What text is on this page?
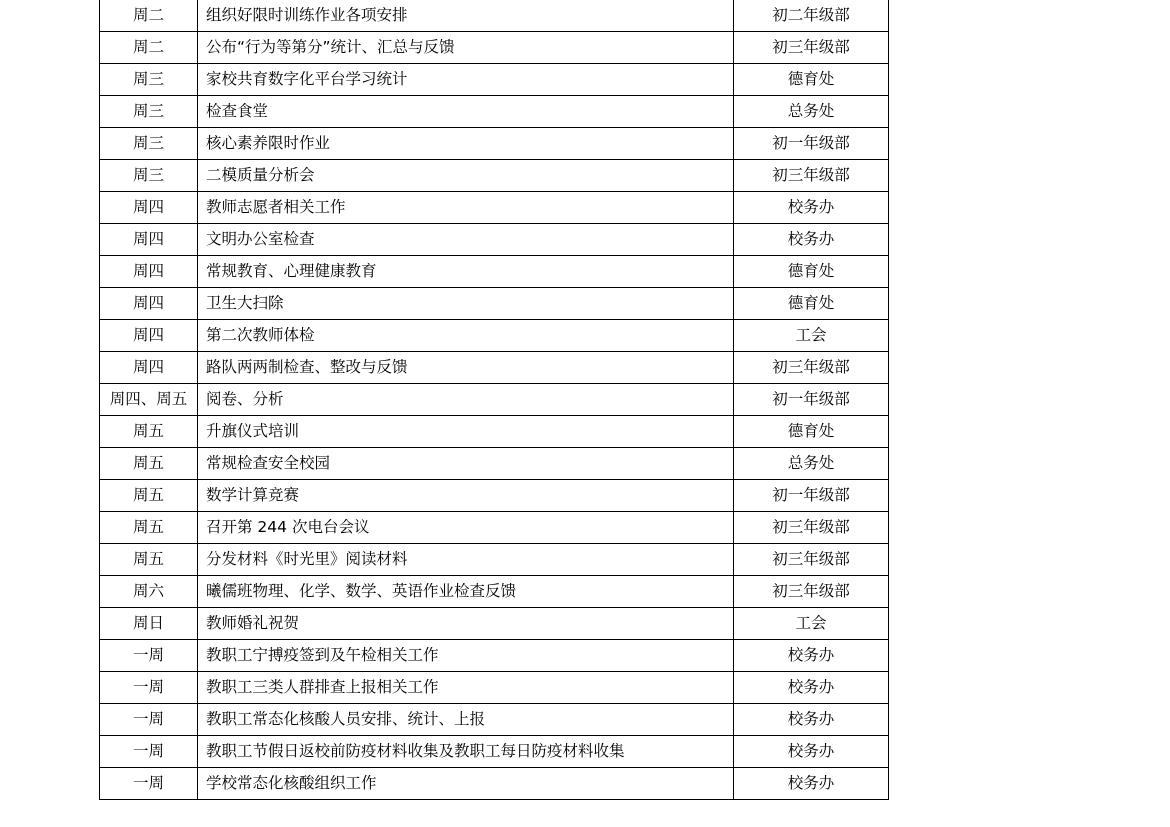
周二	组织好限时训练作业各项安排	初二年级部
周二	公布“行为等第分”统计、汇总与反馈	初三年级部
周三	家校共育数字化平台学习统计	德育处
周三	检查食堂	总务处
周三	核心素养限时作业	初一年级部
周三	二模质量分析会	初三年级部
周四	教师志愿者相关工作	校务办
周四	文明办公室检查	校务办
周四	常规教育、心理健康教育	德育处
周四	卫生大扫除	德育处
周四	第二次教师体检	工会
周四	路队两两制检查、整改与反馈	初三年级部
周四、周五	阅卷、分析	初一年级部
周五	升旗仪式培训	德育处
周五	常规检查安全校园	总务处
周五	数学计算竞赛	初一年级部
周五	召开第 244 次电台会议	初三年级部
周五	分发材料《时光里》阅读材料	初三年级部
周六	曦儒班物理、化学、数学、英语作业检查反馈	初三年级部
周日	教师婚礼祝贺	工会
一周	教职工宁搏疫签到及午检相关工作	校务办
一周	教职工三类人群排查上报相关工作	校务办
一周	教职工常态化核酸人员安排、统计、上报	校务办
一周	教职工节假日返校前防疫材料收集及教职工每日防疫材料收集	校务办
一周	学校常态化核酸组织工作	校务办
